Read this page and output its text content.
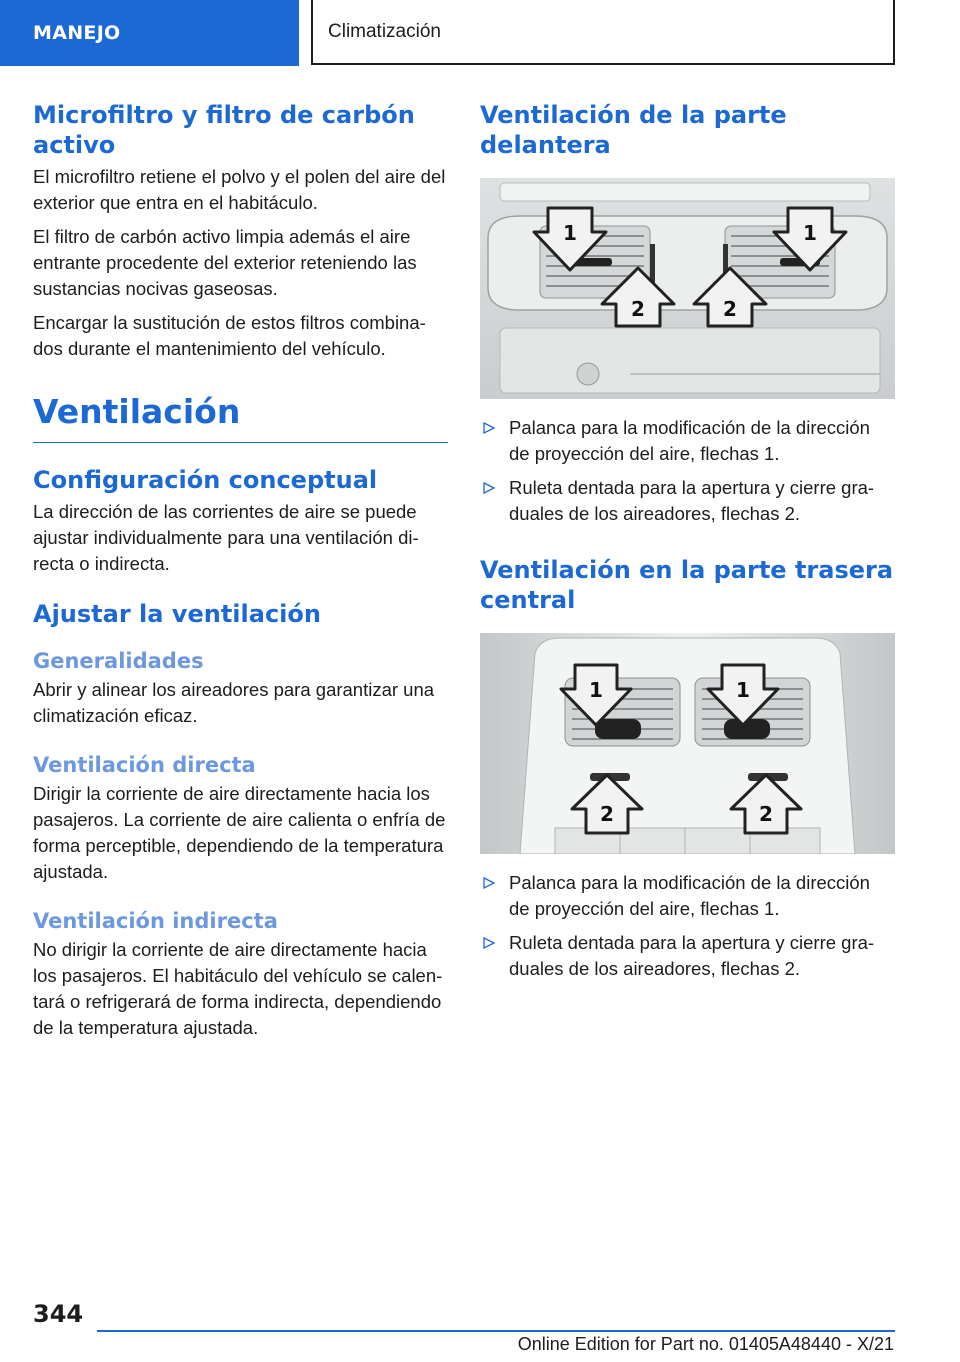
MANEJO	Climatización
Microfiltro y filtro de carbón activo

El microfiltro retiene el polvo y el polen del aire del exterior que entra en el habitáculo.

El filtro de carbón activo limpia además el aire entrante procedente del exterior reteniendo las sustancias nocivas gaseosas.

Encargar la sustitución de estos filtros combinados durante el mantenimiento del vehículo.

Ventilación
Configuración conceptual

La dirección de las corrientes de aire se puede ajustar individualmente para una ventilación directa o indirecta.

Ajustar la ventilación
Generalidades

Abrir y alinear los aireadores para garantizar una climatización eficaz.

Ventilación directa

Dirigir la corriente de aire directamente hacia los pasajeros. La corriente de aire calienta o enfría de forma perceptible, dependiendo de la temperatura ajustada.

Ventilación indirecta

No dirigir la corriente de aire directamente hacia los pasajeros. El habitáculo del vehículo se calentará o refrigerará de forma indirecta, dependiendo de la temperatura ajustada.

Ventilación de la parte delantera
1	1
2	2
Palanca para la modificación de la dirección de proyección del aire, flechas 1.
Ruleta dentada para la apertura y cierre graduales de los aireadores, flechas 2.
Ventilación en la parte trasera central
1	1
2	2
Palanca para la modificación de la dirección de proyección del aire, flechas 1.
Ruleta dentada para la apertura y cierre graduales de los aireadores, flechas 2.
344
Online Edition for Part no. 01405A48440 - X/21
